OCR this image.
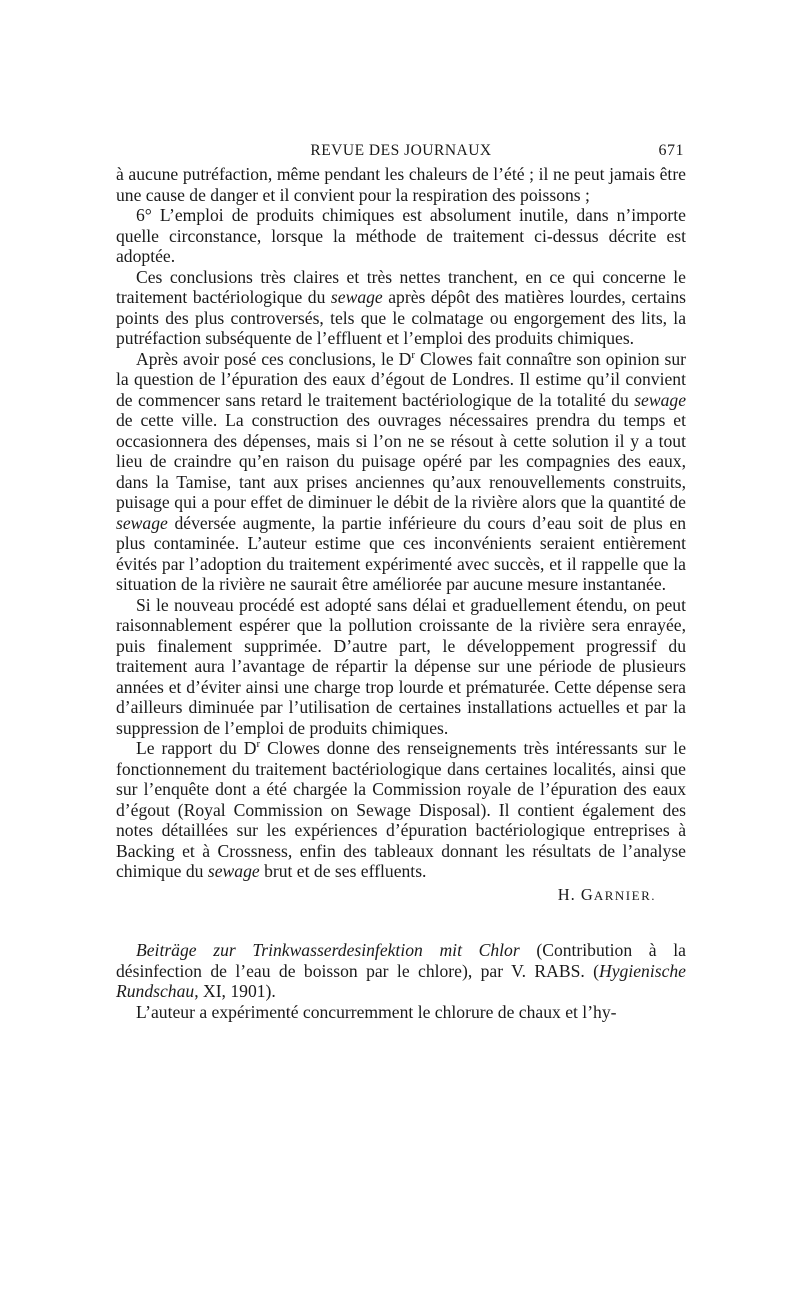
REVUE DES JOURNAUX	671

à aucune putréfaction, même pendant les chaleurs de l’été ; il ne peut jamais être une cause de danger et il convient pour la respiration des poissons ;

6° L’emploi de produits chimiques est absolument inutile, dans n’importe quelle circonstance, lorsque la méthode de traitement ci-dessus décrite est adoptée.

Ces conclusions très claires et très nettes tranchent, en ce qui concerne le traitement bactériologique du sewage après dépôt des matières lourdes, certains points des plus controversés, tels que le colmatage ou engorgement des lits, la putréfaction subséquente de l’effluent et l’emploi des produits chimiques.

Après avoir posé ces conclusions, le $D^r$ Clowes fait connaître son opinion sur la question de l’épuration des eaux d’égout de Londres. Il estime qu’il convient de commencer sans retard le traitement bactériologique de la totalité du sewage de cette ville. La construction des ouvrages nécessaires prendra du temps et occasionnera des dépenses, mais si l’on ne se résout à cette solution il y a tout lieu de craindre qu’en raison du puisage opéré par les compagnies des eaux, dans la Tamise, tant aux prises anciennes qu’aux renouvellements construits, puisage qui a pour effet de diminuer le débit de la rivière alors que la quantité de sewage déversée augmente, la partie inférieure du cours d’eau soit de plus en plus contaminée. L’auteur estime que ces inconvénients seraient entièrement évités par l’adoption du traitement expérimenté avec succès, et il rappelle que la situation de la rivière ne saurait être améliorée par aucune mesure instantanée.

Si le nouveau procédé est adopté sans délai et graduellement étendu, on peut raisonnablement espérer que la pollution croissante de la rivière sera enrayée, puis finalement supprimée. D’autre part, le développement progressif du traitement aura l’avantage de répartir la dépense sur une période de plusieurs années et d’éviter ainsi une charge trop lourde et prématurée. Cette dépense sera d’ailleurs diminuée par l’utilisation de certaines installations actuelles et par la suppression de l’emploi de produits chimiques.

Le rapport du $D^r$ Clowes donne des renseignements très intéressants sur le fonctionnement du traitement bactériologique dans certaines localités, ainsi que sur l’enquête dont a été chargée la Commission royale de l’épuration des eaux d’égout (Royal Commission on Sewage Disposal). Il contient également des notes détaillées sur les expériences d’épuration bactériologique entreprises à Backing et à Crossness, enfin des tableaux donnant les résultats de l’analyse chimique du sewage brut et de ses effluents.

H. GARNIER.

Beiträge zur Trinkwasserdesinfektion mit Chlor (Contribution à la désinfection de l’eau de boisson par le chlore), par V. RABS. (Hygienische Rundschau, XI, 1901).

L’auteur a expérimenté concurremment le chlorure de chaux et l’hy-
